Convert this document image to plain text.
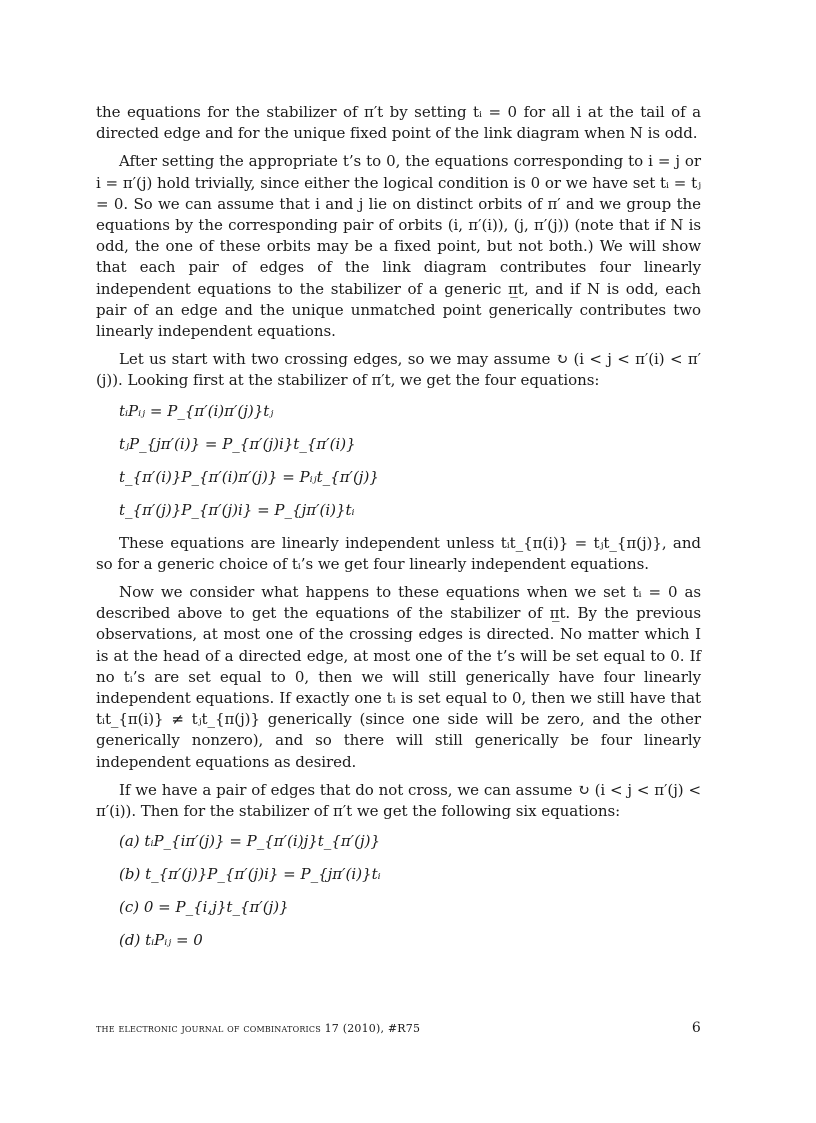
the equations for the stabilizer of π′t by setting tᵢ = 0 for all i at the tail of a directed edge and for the unique fixed point of the link diagram when N is odd.

After setting the appropriate t’s to 0, the equations corresponding to i = j or i = π′(j) hold trivially, since either the logical condition is 0 or we have set tᵢ = tⱼ = 0. So we can assume that i and j lie on distinct orbits of π′ and we group the equations by the corresponding pair of orbits (i, π′(i)), (j, π′(j)) (note that if N is odd, the one of these orbits may be a fixed point, but not both.) We will show that each pair of edges of the link diagram contributes four linearly independent equations to the stabilizer of a generic π̲t, and if N is odd, each pair of an edge and the unique unmatched point generically contributes two linearly independent equations.

Let us start with two crossing edges, so we may assume ↻ (i < j < π′(i) < π′(j)). Looking first at the stabilizer of π′t, we get the four equations:

tᵢPᵢⱼ = P_{π′(i)π′(j)}tⱼ
tⱼP_{jπ′(i)} = P_{π′(j)i}t_{π′(i)}
t_{π′(i)}P_{π′(i)π′(j)} = Pᵢⱼt_{π′(j)}
t_{π′(j)}P_{π′(j)i} = P_{jπ′(i)}tᵢ

These equations are linearly independent unless tᵢt_{π(i)} = tⱼt_{π(j)}, and so for a generic choice of tᵢ’s we get four linearly independent equations.

Now we consider what happens to these equations when we set tᵢ = 0 as described above to get the equations of the stabilizer of π̲t. By the previous observations, at most one of the crossing edges is directed. No matter which I is at the head of a directed edge, at most one of the t’s will be set equal to 0. If no tᵢ’s are set equal to 0, then we will still generically have four linearly independent equations. If exactly one tᵢ is set equal to 0, then we still have that tᵢt_{π(i)} ≠ tⱼt_{π(j)} generically (since one side will be zero, and the other generically nonzero), and so there will still generically be four linearly independent equations as desired.

If we have a pair of edges that do not cross, we can assume ↻ (i < j < π′(j) < π′(i)). Then for the stabilizer of π′t we get the following six equations:

(a) tᵢP_{iπ′(j)} = P_{π′(i)j}t_{π′(j)}
(b) t_{π′(j)}P_{π′(j)i} = P_{jπ′(i)}tᵢ
(c) 0 = P_{i,j}t_{π′(j)}
(d) tᵢPᵢⱼ = 0
the electronic journal of combinatorics 17 (2010), #R75	6
